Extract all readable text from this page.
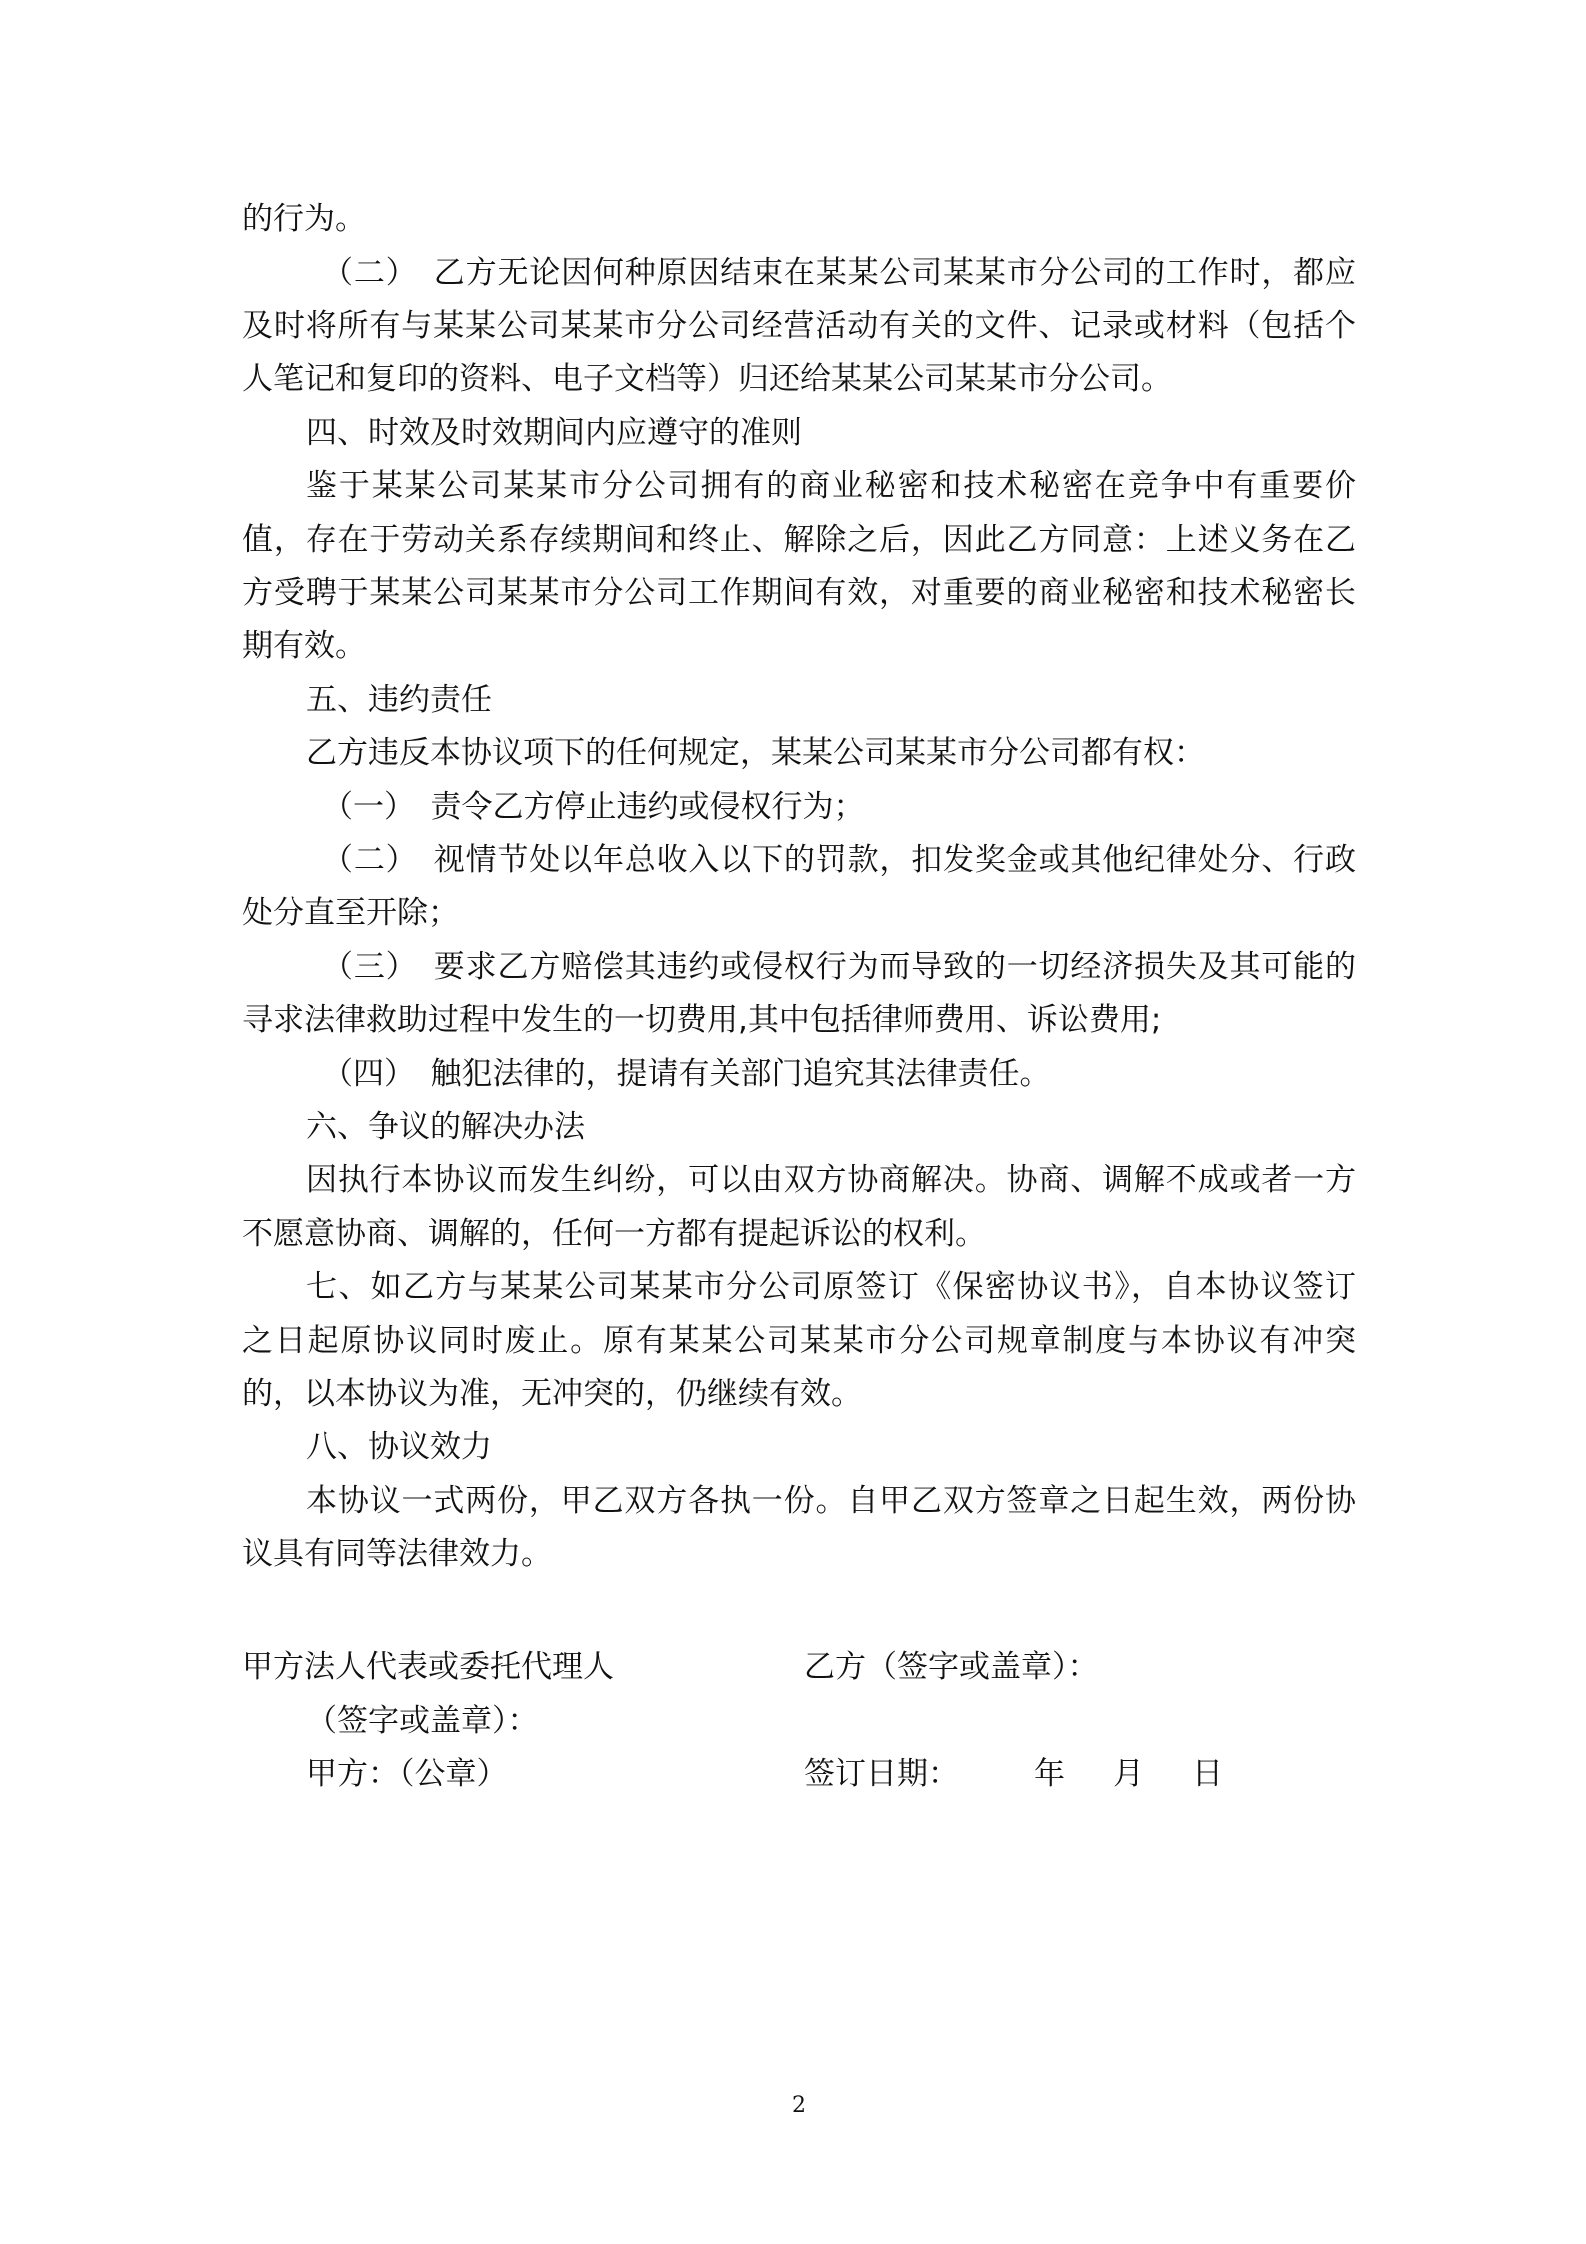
的行为。
（二）　乙方无论因何种原因结束在某某公司某某市分公司的工作时，都应
及时将所有与某某公司某某市分公司经营活动有关的文件、记录或材料（包括个
人笔记和复印的资料、电子文档等）归还给某某公司某某市分公司。
四、时效及时效期间内应遵守的准则
鉴于某某公司某某市分公司拥有的商业秘密和技术秘密在竞争中有重要价
值，存在于劳动关系存续期间和终止、解除之后，因此乙方同意：上述义务在乙
方受聘于某某公司某某市分公司工作期间有效，对重要的商业秘密和技术秘密长
期有效。
五、违约责任
乙方违反本协议项下的任何规定，某某公司某某市分公司都有权：
（一）　责令乙方停止违约或侵权行为；
（二）　视情节处以年总收入以下的罚款，扣发奖金或其他纪律处分、行政
处分直至开除；
（三）　要求乙方赔偿其违约或侵权行为而导致的一切经济损失及其可能的
寻求法律救助过程中发生的一切费用,其中包括律师费用、诉讼费用;
（四）　触犯法律的，提请有关部门追究其法律责任。
六、争议的解决办法
因执行本协议而发生纠纷，可以由双方协商解决。协商、调解不成或者一方
不愿意协商、调解的，任何一方都有提起诉讼的权利。
七、如乙方与某某公司某某市分公司原签订《保密协议书》，自本协议签订
之日起原协议同时废止。原有某某公司某某市分公司规章制度与本协议有冲突
的，以本协议为准，无冲突的，仍继续有效。
八、协议效力
本协议一式两份，甲乙双方各执一份。自甲乙双方签章之日起生效，两份协
议具有同等法律效力。
甲方法人代表或委托代理人	乙方（签字或盖章）：
（签字或盖章）：
甲方：（公章）	签订日期： 年 月 日
2
